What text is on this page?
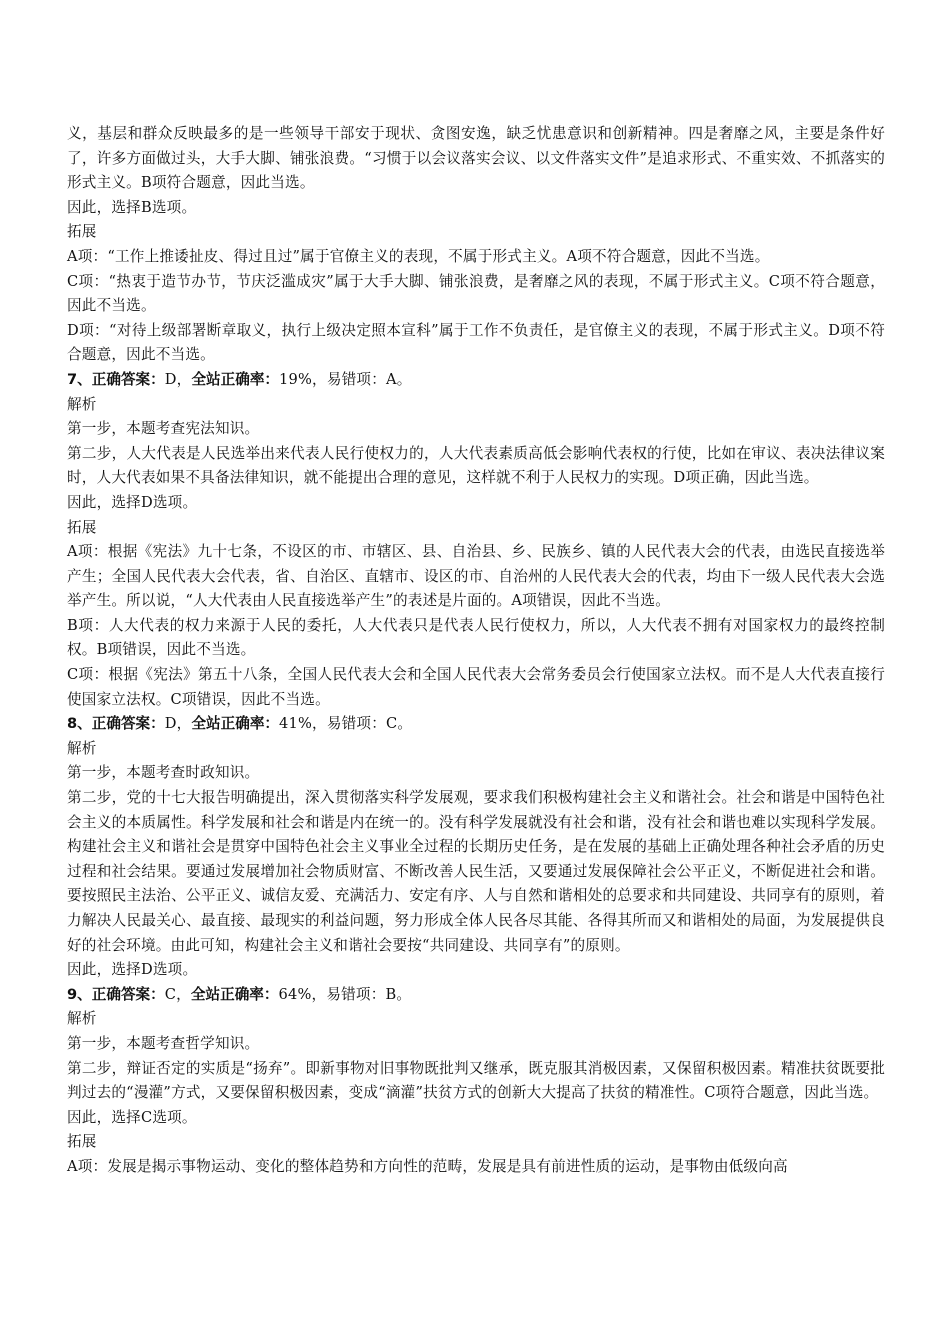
义，基层和群众反映最多的是一些领导干部安于现状、贪图安逸，缺乏忧患意识和创新精神。四是奢靡之风，主要是条件好了，许多方面做过头，大手大脚、铺张浪费。“习惯于以会议落实会议、以文件落实文件”是追求形式、不重实效、不抓落实的形式主义。B项符合题意，因此当选。

因此，选择B选项。

拓展

A项：“工作上推诿扯皮、得过且过”属于官僚主义的表现，不属于形式主义。A项不符合题意，因此不当选。

C项：“热衷于造节办节，节庆泛滥成灾”属于大手大脚、铺张浪费，是奢靡之风的表现，不属于形式主义。C项不符合题意，因此不当选。

D项：“对待上级部署断章取义，执行上级决定照本宣科”属于工作不负责任，是官僚主义的表现，不属于形式主义。D项不符合题意，因此不当选。

7、正确答案：D，全站正确率：19%，易错项：A。

解析

第一步，本题考查宪法知识。

第二步，人大代表是人民选举出来代表人民行使权力的，人大代表素质高低会影响代表权的行使，比如在审议、表决法律议案时，人大代表如果不具备法律知识，就不能提出合理的意见，这样就不利于人民权力的实现。D项正确，因此当选。

因此，选择D选项。

拓展

A项：根据《宪法》九十七条，不设区的市、市辖区、县、自治县、乡、民族乡、镇的人民代表大会的代表，由选民直接选举产生；全国人民代表大会代表，省、自治区、直辖市、设区的市、自治州的人民代表大会的代表，均由下一级人民代表大会选举产生。所以说，“人大代表由人民直接选举产生”的表述是片面的。A项错误，因此不当选。

B项：人大代表的权力来源于人民的委托，人大代表只是代表人民行使权力，所以，人大代表不拥有对国家权力的最终控制权。B项错误，因此不当选。

C项：根据《宪法》第五十八条，全国人民代表大会和全国人民代表大会常务委员会行使国家立法权。而不是人大代表直接行使国家立法权。C项错误，因此不当选。

8、正确答案：D，全站正确率：41%，易错项：C。

解析

第一步，本题考查时政知识。

第二步，党的十七大报告明确提出，深入贯彻落实科学发展观，要求我们积极构建社会主义和谐社会。社会和谐是中国特色社会主义的本质属性。科学发展和社会和谐是内在统一的。没有科学发展就没有社会和谐，没有社会和谐也难以实现科学发展。构建社会主义和谐社会是贯穿中国特色社会主义事业全过程的长期历史任务，是在发展的基础上正确处理各种社会矛盾的历史过程和社会结果。要通过发展增加社会物质财富、不断改善人民生活，又要通过发展保障社会公平正义，不断促进社会和谐。要按照民主法治、公平正义、诚信友爱、充满活力、安定有序、人与自然和谐相处的总要求和共同建设、共同享有的原则，着力解决人民最关心、最直接、最现实的利益问题，努力形成全体人民各尽其能、各得其所而又和谐相处的局面，为发展提供良好的社会环境。由此可知，构建社会主义和谐社会要按“共同建设、共同享有”的原则。

因此，选择D选项。

9、正确答案：C，全站正确率：64%，易错项：B。

解析

第一步，本题考查哲学知识。

第二步，辩证否定的实质是“扬弃”。即新事物对旧事物既批判又继承，既克服其消极因素，又保留积极因素。精准扶贫既要批判过去的“漫灌”方式，又要保留积极因素，变成“滴灌”扶贫方式的创新大大提高了扶贫的精准性。C项符合题意，因此当选。

因此，选择C选项。

拓展

A项：发展是揭示事物运动、变化的整体趋势和方向性的范畴，发展是具有前进性质的运动，是事物由低级向高
